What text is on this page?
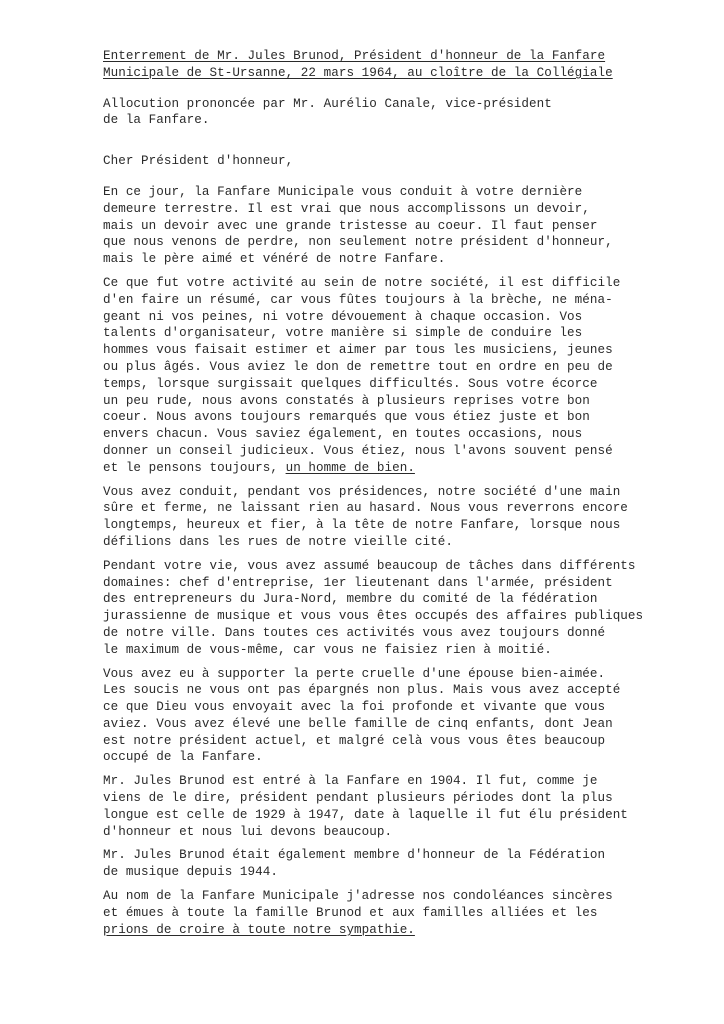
Enterrement de Mr. Jules Brunod, Président d'honneur de la Fanfare
Municipale de St-Ursanne, 22 mars 1964, au cloître de la Collégiale
Allocution prononcée par Mr. Aurélio Canale, vice-président
de la Fanfare.
Cher Président d'honneur,
En ce jour, la Fanfare Municipale vous conduit à votre dernière
demeure terrestre. Il est vrai que nous accomplissons un devoir,
mais un devoir avec une grande tristesse au coeur. Il faut penser
que nous venons de perdre, non seulement notre président d'honneur,
mais le père aimé et vénéré de notre Fanfare.
Ce que fut votre activité au sein de notre société, il est difficile
d'en faire un résumé, car vous fûtes toujours à la brèche, ne ména-
geant ni vos peines, ni votre dévouement à chaque occasion. Vos
talents d'organisateur, votre manière si simple de conduire les
hommes vous faisait estimer et aimer par tous les musiciens, jeunes
ou plus âgés. Vous aviez le don de remettre tout en ordre en peu de
temps, lorsque surgissait quelques difficultés. Sous votre écorce
un peu rude, nous avons constatés à plusieurs reprises votre bon
coeur. Nous avons toujours remarqués que vous étiez juste et bon
envers chacun. Vous saviez également, en toutes occasions, nous
donner un conseil judicieux. Vous étiez, nous l'avons souvent pensé
et le pensons toujours, un homme de bien.
Vous avez conduit, pendant vos présidences, notre société d'une main
sûre et ferme, ne laissant rien au hasard. Nous vous reverrons encore
longtemps, heureux et fier, à la tête de notre Fanfare, lorsque nous
défilions dans les rues de notre vieille cité.
Pendant votre vie, vous avez assumé beaucoup de tâches dans différents
domaines: chef d'entreprise, 1er lieutenant dans l'armée, président
des entrepreneurs du Jura-Nord, membre du comité de la fédération
jurassienne de musique et vous vous êtes occupés des affaires publiques
de notre ville. Dans toutes ces activités vous avez toujours donné
le maximum de vous-même, car vous ne faisiez rien à moitié.
Vous avez eu à supporter la perte cruelle d'une épouse bien-aimée.
Les soucis ne vous ont pas épargnés non plus. Mais vous avez accepté
ce que Dieu vous envoyait avec la foi profonde et vivante que vous
aviez. Vous avez élevé une belle famille de cinq enfants, dont Jean
est notre président actuel, et malgré celà vous vous êtes beaucoup
occupé de la Fanfare.
Mr. Jules Brunod est entré à la Fanfare en 1904. Il fut, comme je
viens de le dire, président pendant plusieurs périodes dont la plus
longue est celle de 1929 à 1947, date à laquelle il fut élu président
d'honneur et nous lui devons beaucoup.
Mr. Jules Brunod était également membre d'honneur de la Fédération
de musique depuis 1944.
Au nom de la Fanfare Municipale j'adresse nos condoléances sincères
et émues à toute la famille Brunod et aux familles alliées et les
prions de croire à toute notre sympathie.
